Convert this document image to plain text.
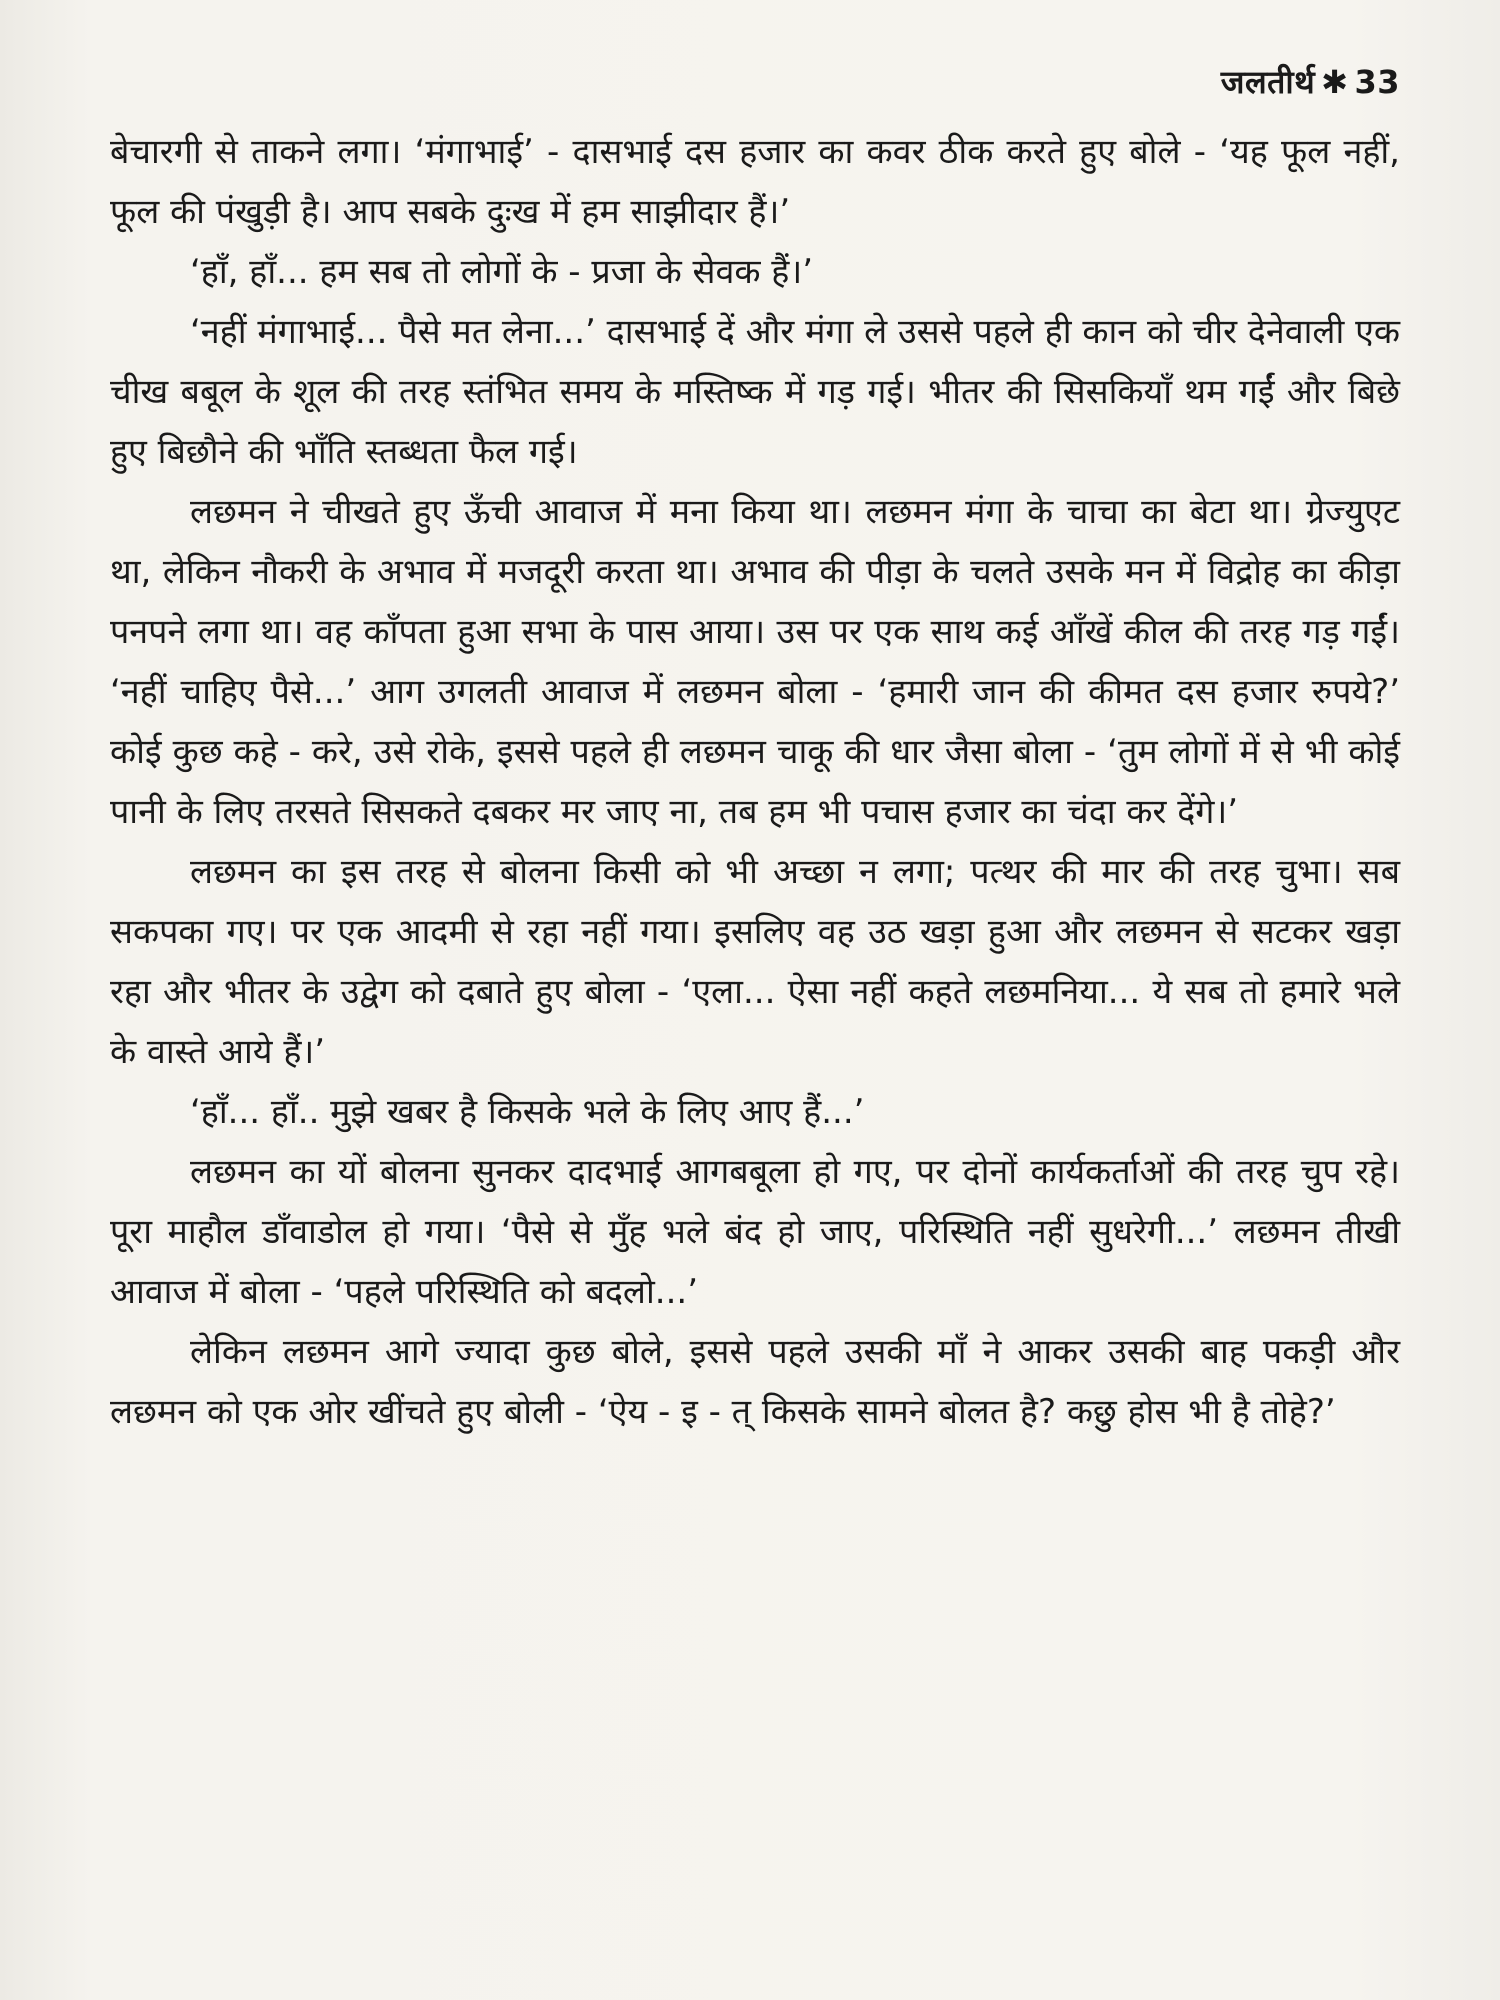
जलतीर्थ ✱ 33

बेचारगी से ताकने लगा। ‘मंगाभाई’ - दासभाई दस हजार का कवर ठीक करते हुए बोले - ‘यह फूल नहीं, फूल की पंखुड़ी है। आप सबके दुःख में हम साझीदार हैं।’

‘हाँ, हाँ... हम सब तो लोगों के - प्रजा के सेवक हैं।’

‘नहीं मंगाभाई... पैसे मत लेना...’ दासभाई दें और मंगा ले उससे पहले ही कान को चीर देनेवाली एक चीख बबूल के शूल की तरह स्तंभित समय के मस्तिष्क में गड़ गई। भीतर की सिसकियाँ थम गईं और बिछे हुए बिछौने की भाँति स्तब्धता फैल गई।

लछमन ने चीखते हुए ऊँची आवाज में मना किया था। लछमन मंगा के चाचा का बेटा था। ग्रेज्युएट था, लेकिन नौकरी के अभाव में मजदूरी करता था। अभाव की पीड़ा के चलते उसके मन में विद्रोह का कीड़ा पनपने लगा था। वह काँपता हुआ सभा के पास आया। उस पर एक साथ कई आँखें कील की तरह गड़ गईं। ‘नहीं चाहिए पैसे...’ आग उगलती आवाज में लछमन बोला - ‘हमारी जान की कीमत दस हजार रुपये?’ कोई कुछ कहे - करे, उसे रोके, इससे पहले ही लछमन चाकू की धार जैसा बोला - ‘तुम लोगों में से भी कोई पानी के लिए तरसते सिसकते दबकर मर जाए ना, तब हम भी पचास हजार का चंदा कर देंगे।’

लछमन का इस तरह से बोलना किसी को भी अच्छा न लगा; पत्थर की मार की तरह चुभा। सब सकपका गए। पर एक आदमी से रहा नहीं गया। इसलिए वह उठ खड़ा हुआ और लछमन से सटकर खड़ा रहा और भीतर के उद्वेग को दबाते हुए बोला - ‘एला... ऐसा नहीं कहते लछमनिया... ये सब तो हमारे भले के वास्ते आये हैं।’

‘हाँ... हाँ.. मुझे खबर है किसके भले के लिए आए हैं...’

लछमन का यों बोलना सुनकर दादभाई आगबबूला हो गए, पर दोनों कार्यकर्ताओं की तरह चुप रहे। पूरा माहौल डाँवाडोल हो गया। ‘पैसे से मुँह भले बंद हो जाए, परिस्थिति नहीं सुधरेगी...’ लछमन तीखी आवाज में बोला - ‘पहले परिस्थिति को बदलो...’

लेकिन लछमन आगे ज्यादा कुछ बोले, इससे पहले उसकी माँ ने आकर उसकी बाह पकड़ी और लछमन को एक ओर खींचते हुए बोली - ‘ऐय - इ - त् किसके सामने बोलत है? कछु होस भी है तोहे?’
